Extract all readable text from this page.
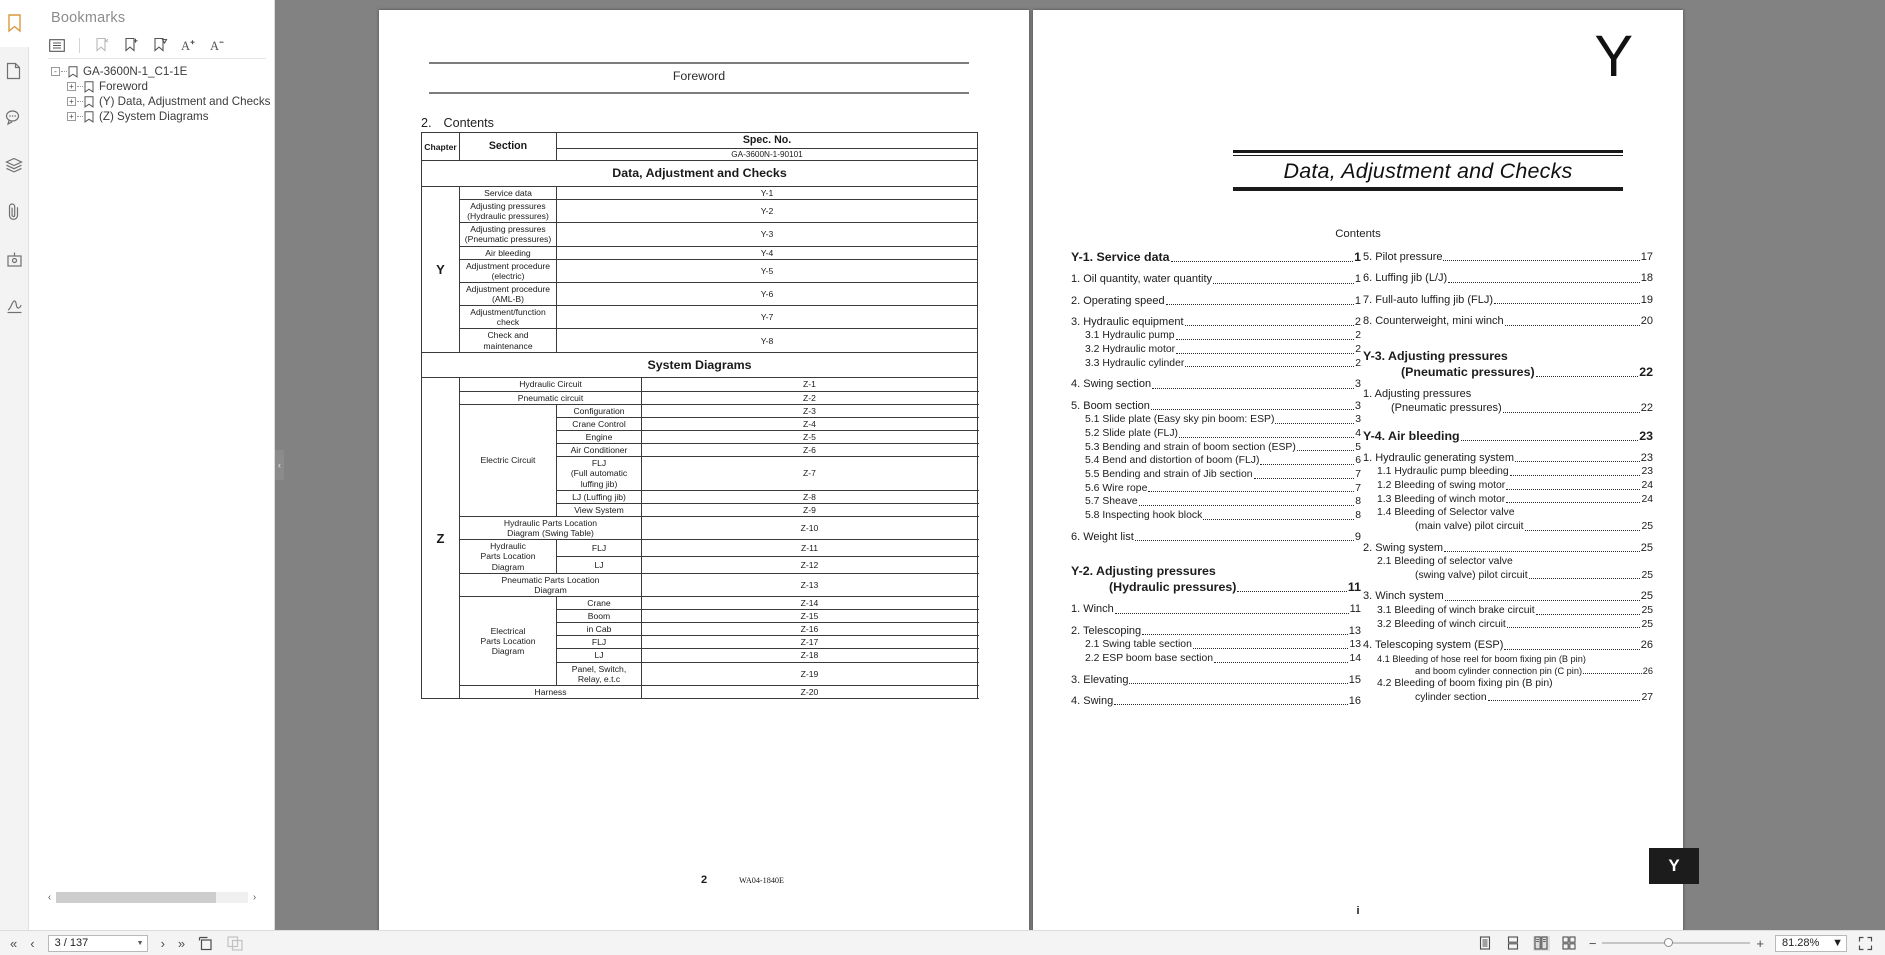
Bookmarks
A A
- GA-3600N-1_C1-1E
+ Foreword
+ (Y) Data, Adjustment and Checks
+ (Z) System Diagrams
‹	›
‹
Foreword
2. Contents
Chapter	Section	Spec. No.	
		GA-3600N-1-90101	
Data, Adjustment and Checks			
Y	Service data	Y-1	
	Adjusting pressures
(Hydraulic pressures)	Y-2	
	Adjusting pressures
(Pneumatic pressures)	Y-3	
	Air bleeding	Y-4	
	Adjustment procedure (electric)	Y-5	
	Adjustment procedure (AML-B)	Y-6	
	Adjustment/function check	Y-7	
	Check and maintenance	Y-8	
System Diagrams			
Z	Hydraulic Circuit		Z-1
	Pneumatic circuit		Z-2
	Electric Circuit	Configuration	Z-3
		Crane Control	Z-4
		Engine	Z-5
		Air Conditioner	Z-6
		FLJ
(Full automatic
luffing jib)	Z-7
		LJ (Luffing jib)	Z-8
		View System	Z-9
	Hydraulic Parts Location
Diagram (Swing Table)		Z-10
	Hydraulic
Parts Location
Diagram	FLJ	Z-11
		LJ	Z-12
	Pneumatic Parts Location
Diagram		Z-13
	Electrical
Parts Location
Diagram	Crane	Z-14
		Boom	Z-15
		in Cab	Z-16
		FLJ	Z-17
		LJ	Z-18
		Panel, Switch,
Relay, e.t.c	Z-19
	Harness		Z-20
2	WA04-1840E
Y
Data, Adjustment and Checks
Contents
Y-1. Service data	1
1. Oil quantity, water quantity	1
2. Operating speed	1
3. Hydraulic equipment	2
3.1 Hydraulic pump	2
3.2 Hydraulic motor	2
3.3 Hydraulic cylinder	2
4. Swing section	3
5. Boom section	3
5.1 Slide plate (Easy sky pin boom: ESP)	3
5.2 Slide plate (FLJ)	4
5.3 Bending and strain of boom section (ESP)	5
5.4 Bend and distortion of boom (FLJ)	6
5.5 Bending and strain of Jib section	7
5.6 Wire rope	7
5.7 Sheave	8
5.8 Inspecting hook block	8
6. Weight list	9
Y-2. Adjusting pressures
(Hydraulic pressures)	11
1. Winch	11
2. Telescoping	13
2.1 Swing table section	13
2.2 ESP boom base section	14
3. Elevating	15
4. Swing	16
5. Pilot pressure	17
6. Luffing jib (L/J)	18
7. Full-auto luffing jib (FLJ)	19
8. Counterweight, mini winch	20
Y-3. Adjusting pressures
(Pneumatic pressures)	22
1. Adjusting pressures
(Pneumatic pressures)	22
Y-4. Air bleeding	23
1. Hydraulic generating system	23
1.1 Hydraulic pump bleeding	23
1.2 Bleeding of swing motor	24
1.3 Bleeding of winch motor	24
1.4 Bleeding of Selector valve
(main valve) pilot circuit	25
2. Swing system	25
2.1 Bleeding of selector valve
(swing valve) pilot circuit	25
3. Winch system	25
3.1 Bleeding of winch brake circuit	25
3.2 Bleeding of winch circuit	25
4. Telescoping system (ESP)	26
4.1 Bleeding of hose reel for boom fixing pin (B pin)
and boom cylinder connection pin (C pin)	26
4.2 Bleeding of boom fixing pin (B pin)
cylinder section	27
Y
i
« ‹ 3 / 137	▼ › »	−	+ 81.28% ▼
